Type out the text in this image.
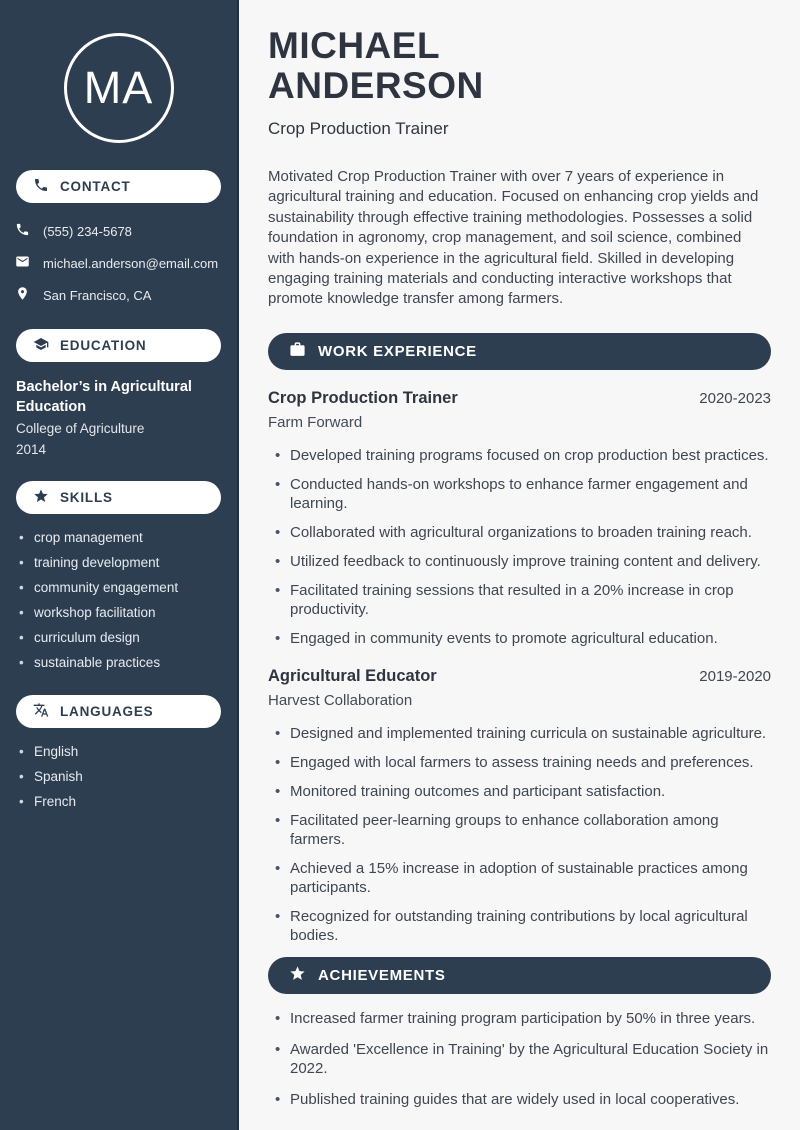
MA
CONTACT
(555) 234-5678
michael.anderson@email.com
San Francisco, CA
EDUCATION
Bachelor’s in Agricultural Education
College of Agriculture
2014
SKILLS
• crop management
• training development
• community engagement
• workshop facilitation
• curriculum design
• sustainable practices
LANGUAGES
• English
• Spanish
• French
MICHAEL
ANDERSON
Crop Production Trainer

Motivated Crop Production Trainer with over 7 years of experience in agricultural training and education. Focused on enhancing crop yields and sustainability through effective training methodologies. Possesses a solid foundation in agronomy, crop management, and soil science, combined with hands-on experience in the agricultural field. Skilled in developing engaging training materials and conducting interactive workshops that promote knowledge transfer among farmers.

WORK EXPERIENCE
Crop Production Trainer	2020-2023
Farm Forward
• Developed training programs focused on crop production best practices.
• Conducted hands-on workshops to enhance farmer engagement and learning.
• Collaborated with agricultural organizations to broaden training reach.
• Utilized feedback to continuously improve training content and delivery.
• Facilitated training sessions that resulted in a 20% increase in crop productivity.
• Engaged in community events to promote agricultural education.
Agricultural Educator	2019-2020
Harvest Collaboration
• Designed and implemented training curricula on sustainable agriculture.
• Engaged with local farmers to assess training needs and preferences.
• Monitored training outcomes and participant satisfaction.
• Facilitated peer-learning groups to enhance collaboration among farmers.
• Achieved a 15% increase in adoption of sustainable practices among participants.
• Recognized for outstanding training contributions by local agricultural bodies.
ACHIEVEMENTS
• Increased farmer training program participation by 50% in three years.
• Awarded 'Excellence in Training' by the Agricultural Education Society in 2022.
• Published training guides that are widely used in local cooperatives.
